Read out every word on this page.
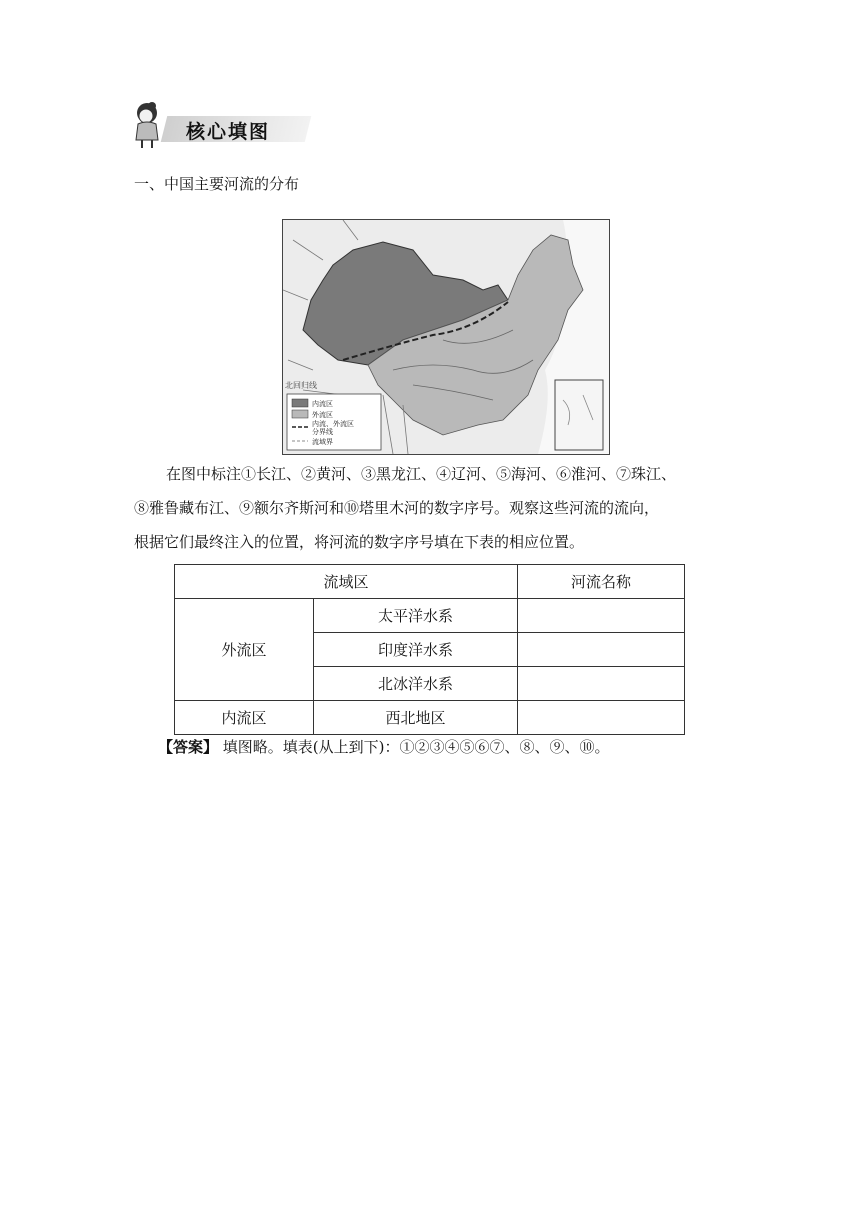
核心填图
一、中国主要河流的分布
内流区
外流区
内流、外流区
分界线
流域界
北回归线
在图中标注①长江、②黄河、③黑龙江、④辽河、⑤海河、⑥淮河、⑦珠江、
⑧雅鲁藏布江、⑨额尔齐斯河和⑩塔里木河的数字序号。观察这些河流的流向，
根据它们最终注入的位置，将河流的数字序号填在下表的相应位置。
流域区		河流名称
外流区	太平洋水系	
	印度洋水系	
	北冰洋水系	
内流区	西北地区	
【答案】 填图略。填表(从上到下)：①②③④⑤⑥⑦、⑧、⑨、⑩。
